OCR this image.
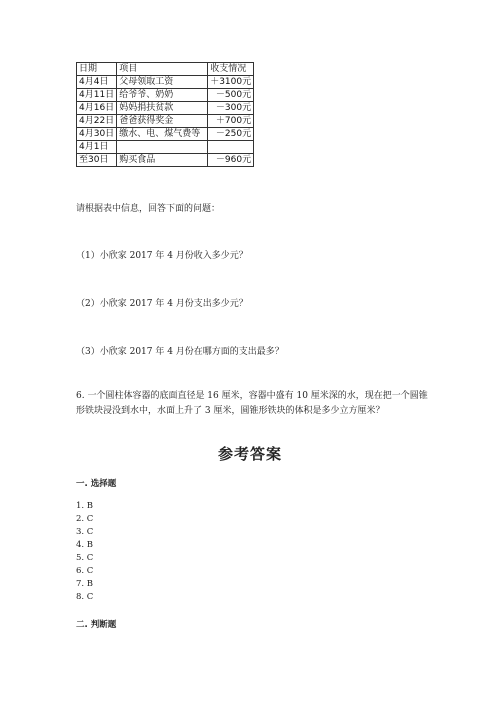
日期	项目	收支情况
4月4日	父母领取工资	＋3100元
4月11日	给爷爷、奶奶	－500元
4月16日	妈妈捐扶贫款	－300元
4月22日	爸爸获得奖金	＋700元
4月30日	缴水、电、煤气费等	－250元
4月1日		
至30日	购买食品	－960元
请根据表中信息，回答下面的问题：
（1）小欣家 2017 年 4 月份收入多少元？
（2）小欣家 2017 年 4 月份支出多少元？
（3）小欣家 2017 年 4 月份在哪方面的支出最多？
6. 一个圆柱体容器的底面直径是 16 厘米，容器中盛有 10 厘米深的水，现在把一个圆锥形铁块浸没到水中，水面上升了 3 厘米，圆锥形铁块的体积是多少立方厘米？
参考答案
一. 选择题
1. B
2. C
3. C
4. B
5. C
6. C
7. B
8. C
二. 判断题
